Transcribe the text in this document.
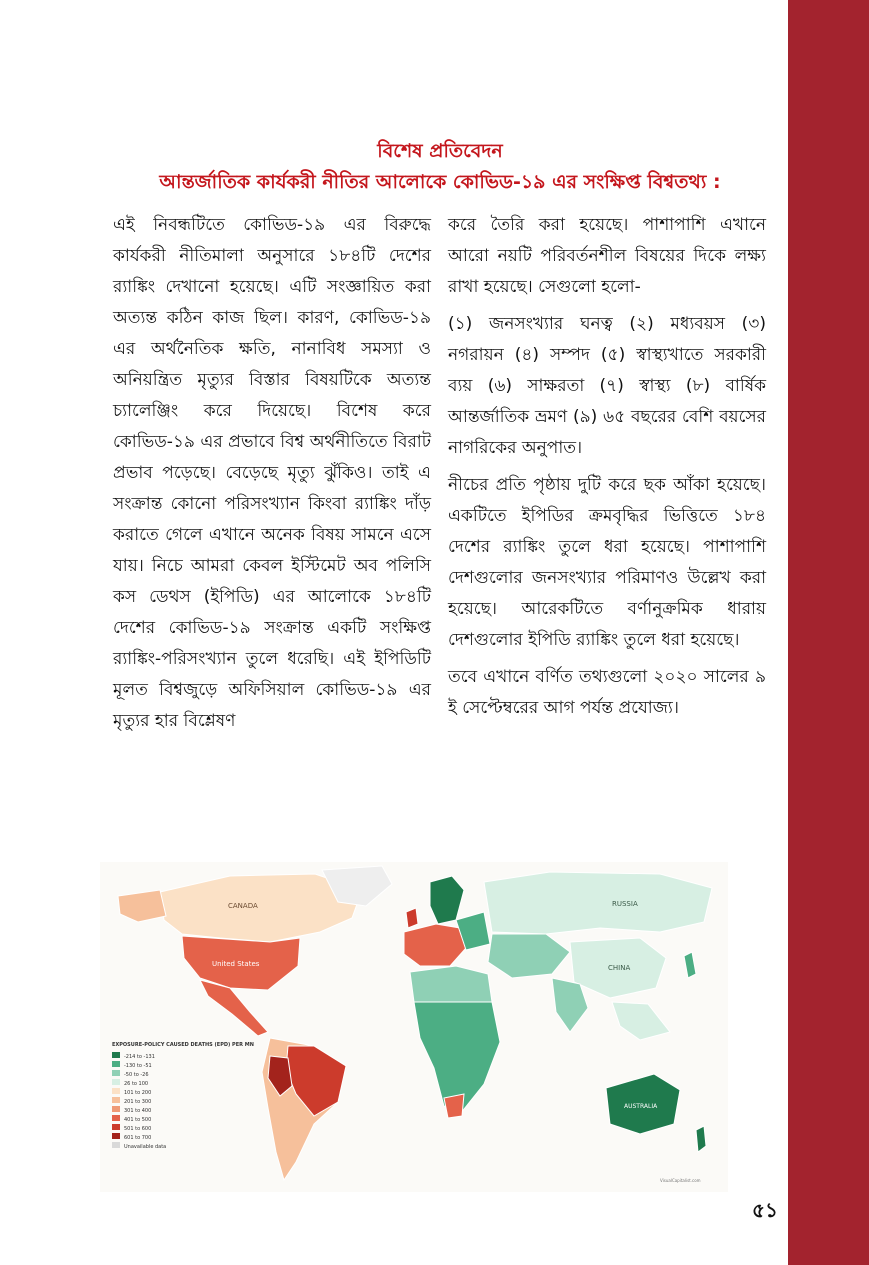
বিশেষ প্রতিবেদন
আন্তর্জাতিক কার্যকরী নীতির আলোকে কোভিড-১৯ এর সংক্ষিপ্ত বিশ্বতথ্য :

এই নিবন্ধটিতে কোভিড-১৯ এর বিরুদ্ধে কার্যকরী নীতিমালা অনুসারে ১৮৪টি দেশের র‍্যাঙ্কিং দেখানো হয়েছে। এটি সংজ্ঞায়িত করা অত্যন্ত কঠিন কাজ ছিল। কারণ, কোভিড-১৯ এর অর্থনৈতিক ক্ষতি, নানাবিধ সমস্যা ও অনিয়ন্ত্রিত মৃত্যুর বিস্তার বিষয়টিকে অত্যন্ত চ্যালেঞ্জিং করে দিয়েছে। বিশেষ করে কোভিড-১৯ এর প্রভাবে বিশ্ব অর্থনীতিতে বিরাট প্রভাব পড়েছে। বেড়েছে মৃত্যু ঝুঁকিও। তাই এ সংক্রান্ত কোনো পরিসংখ্যান কিংবা র‍্যাঙ্কিং দাঁড় করাতে গেলে এখানে অনেক বিষয় সামনে এসে যায়। নিচে আমরা কেবল ইস্টিমেট অব পলিসি কস ডেথস (ইপিডি) এর আলোকে ১৮৪টি দেশের কোভিড-১৯ সংক্রান্ত একটি সংক্ষিপ্ত র‍্যাঙ্কিং-পরিসংখ্যান তুলে ধরেছি। এই ইপিডিটি মূলত বিশ্বজুড়ে অফিসিয়াল কোভিড-১৯ এর মৃত্যুর হার বিশ্লেষণ

করে তৈরি করা হয়েছে। পাশাপাশি এখানে আরো নয়টি পরিবর্তনশীল বিষয়ের দিকে লক্ষ্য রাখা হয়েছে। সেগুলো হলো-

(১) জনসংখ্যার ঘনত্ব (২) মধ্যবয়স (৩) নগরায়ন (৪) সম্পদ (৫) স্বাস্থ্যখাতে সরকারী ব্যয় (৬) সাক্ষরতা (৭) স্বাস্থ্য (৮) বার্ষিক আন্তর্জাতিক ভ্রমণ (৯) ৬৫ বছরের বেশি বয়সের নাগরিকের অনুপাত।

নীচের প্রতি পৃষ্ঠায় দুটি করে ছক আঁকা হয়েছে। একটিতে ইপিডির ক্রমবৃদ্ধির ভিত্তিতে ১৮৪ দেশের র‍্যাঙ্কিং তুলে ধরা হয়েছে। পাশাপাশি দেশগুলোর জনসংখ্যার পরিমাণও উল্লেখ করা হয়েছে। আরেকটিতে বর্ণানুক্রমিক ধারায় দেশগুলোর ইপিডি র‍্যাঙ্কিং তুলে ধরা হয়েছে।

তবে এখানে বর্ণিত তথ্যগুলো ২০২০ সালের ৯ ই সেপ্টেম্বরের আগ পর্যন্ত প্রযোজ্য।

CANADA
United States
RUSSIA
CHINA
AUSTRALIA
EXPOSURE-POLICY CAUSED DEATHS (EPD) PER MN
-214 to -131
-130 to -51
-50 to -26
26 to 100
101 to 200
201 to 300
301 to 400
401 to 500
501 to 600
601 to 700
Unavailable data
VisualCapitalist.com
৫১
